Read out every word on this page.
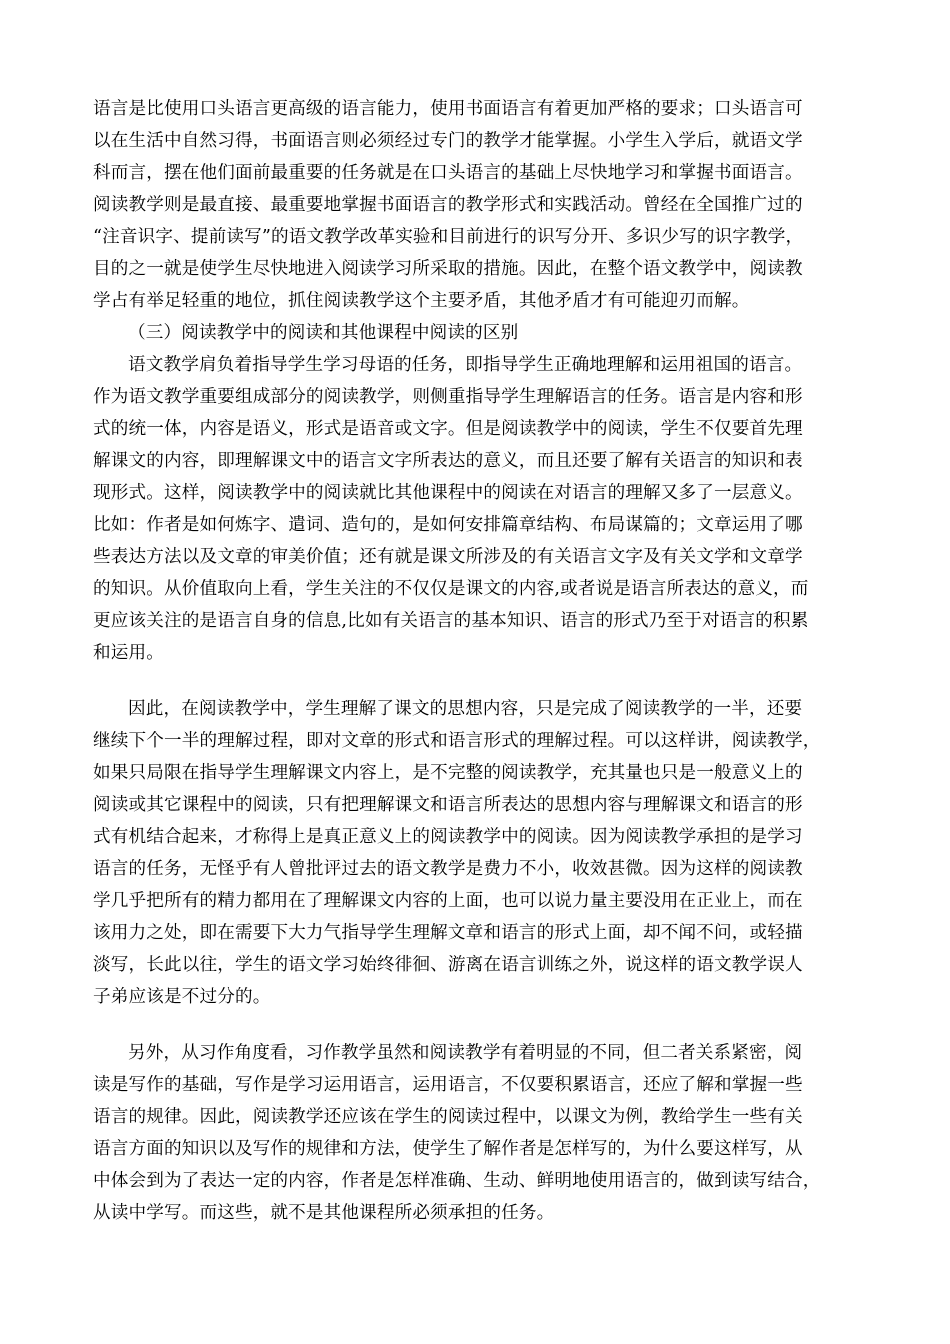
语言是比使用口头语言更高级的语言能力，使用书面语言有着更加严格的要求；口头语言可
以在生活中自然习得，书面语言则必须经过专门的教学才能掌握。小学生入学后，就语文学
科而言，摆在他们面前最重要的任务就是在口头语言的基础上尽快地学习和掌握书面语言。
阅读教学则是最直接、最重要地掌握书面语言的教学形式和实践活动。曾经在全国推广过的
“注音识字、提前读写”的语文教学改革实验和目前进行的识写分开、多识少写的识字教学，
目的之一就是使学生尽快地进入阅读学习所采取的措施。因此，在整个语文教学中，阅读教
学占有举足轻重的地位，抓住阅读教学这个主要矛盾，其他矛盾才有可能迎刃而解。
（三）阅读教学中的阅读和其他课程中阅读的区别
语文教学肩负着指导学生学习母语的任务，即指导学生正确地理解和运用祖国的语言。
作为语文教学重要组成部分的阅读教学，则侧重指导学生理解语言的任务。语言是内容和形
式的统一体，内容是语义，形式是语音或文字。但是阅读教学中的阅读，学生不仅要首先理
解课文的内容，即理解课文中的语言文字所表达的意义，而且还要了解有关语言的知识和表
现形式。这样，阅读教学中的阅读就比其他课程中的阅读在对语言的理解又多了一层意义。
比如：作者是如何炼字、遣词、造句的，是如何安排篇章结构、布局谋篇的；文章运用了哪
些表达方法以及文章的审美价值；还有就是课文所涉及的有关语言文字及有关文学和文章学
的知识。从价值取向上看，学生关注的不仅仅是课文的内容,或者说是语言所表达的意义，而
更应该关注的是语言自身的信息,比如有关语言的基本知识、语言的形式乃至于对语言的积累
和运用。
因此，在阅读教学中，学生理解了课文的思想内容，只是完成了阅读教学的一半，还要
继续下个一半的理解过程，即对文章的形式和语言形式的理解过程。可以这样讲，阅读教学，
如果只局限在指导学生理解课文内容上，是不完整的阅读教学，充其量也只是一般意义上的
阅读或其它课程中的阅读，只有把理解课文和语言所表达的思想内容与理解课文和语言的形
式有机结合起来，才称得上是真正意义上的阅读教学中的阅读。因为阅读教学承担的是学习
语言的任务，无怪乎有人曾批评过去的语文教学是费力不小，收效甚微。因为这样的阅读教
学几乎把所有的精力都用在了理解课文内容的上面，也可以说力量主要没用在正业上，而在
该用力之处，即在需要下大力气指导学生理解文章和语言的形式上面，却不闻不问，或轻描
淡写，长此以往，学生的语文学习始终徘徊、游离在语言训练之外，说这样的语文教学误人
子弟应该是不过分的。
另外，从习作角度看，习作教学虽然和阅读教学有着明显的不同，但二者关系紧密，阅
读是写作的基础，写作是学习运用语言，运用语言，不仅要积累语言，还应了解和掌握一些
语言的规律。因此，阅读教学还应该在学生的阅读过程中，以课文为例，教给学生一些有关
语言方面的知识以及写作的规律和方法，使学生了解作者是怎样写的，为什么要这样写，从
中体会到为了表达一定的内容，作者是怎样准确、生动、鲜明地使用语言的，做到读写结合，
从读中学写。而这些，就不是其他课程所必须承担的任务。
